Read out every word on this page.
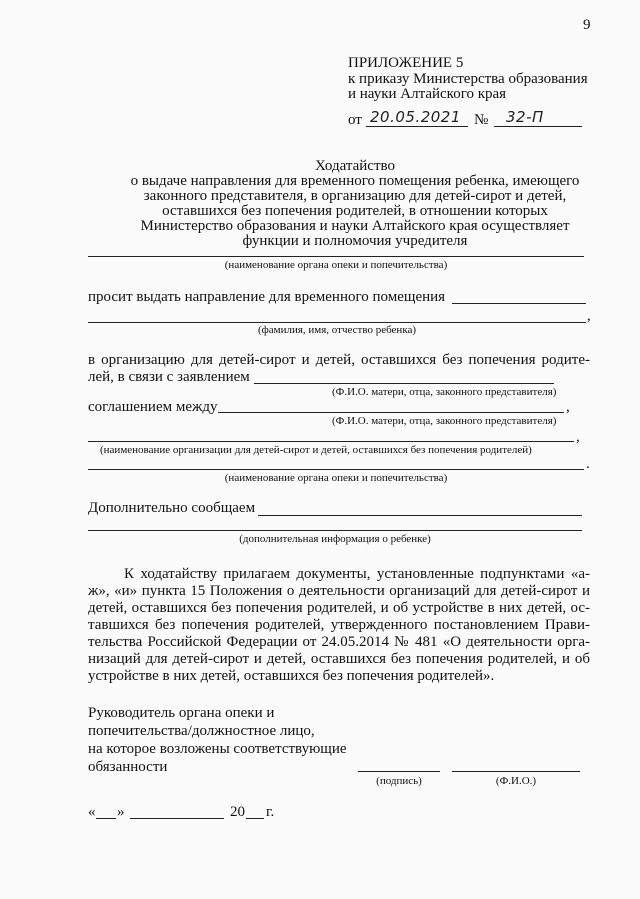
9
ПРИЛОЖЕНИЕ 5
к приказу Министерства образования
и науки Алтайского края
от 20.05.2021 № 32-П
Ходатайство
о выдаче направления для временного помещения ребенка, имеющего
законного представителя, в организацию для детей-сирот и детей,
оставшихся без попечения родителей, в отношении которых
Министерство образования и науки Алтайского края осуществляет
функции и полномочия учредителя
(наименование органа опеки и попечительства)
просит выдать направление для временного помещения
,
(фамилия, имя, отчество ребенка)
в организацию для детей-сирот и детей, оставшихся без попечения родите-
лей, в связи с заявлением
(Ф.И.О. матери, отца, законного представителя)
соглашением между	,
(Ф.И.О. матери, отца, законного представителя)
,
(наименование организации для детей-сирот и детей, оставшихся без попечения родителей)
.
(наименование органа опеки и попечительства)
Дополнительно сообщаем
(дополнительная информация о ребенке)
К ходатайству прилагаем документы, установленные подпунктами «а-
ж», «и» пункта 15 Положения о деятельности организаций для детей-сирот и
детей, оставшихся без попечения родителей, и об устройстве в них детей, ос-
тавшихся без попечения родителей, утвержденного постановлением Прави-
тельства Российской Федерации от 24.05.2014 № 481 «О деятельности орга-
низаций для детей-сирот и детей, оставшихся без попечения родителей, и об
устройстве в них детей, оставшихся без попечения родителей».
Руководитель органа опеки и
попечительства/должностное лицо,
на которое возложены соответствующие
обязанности
(подпись)	(Ф.И.О.)
« »	20 г.
